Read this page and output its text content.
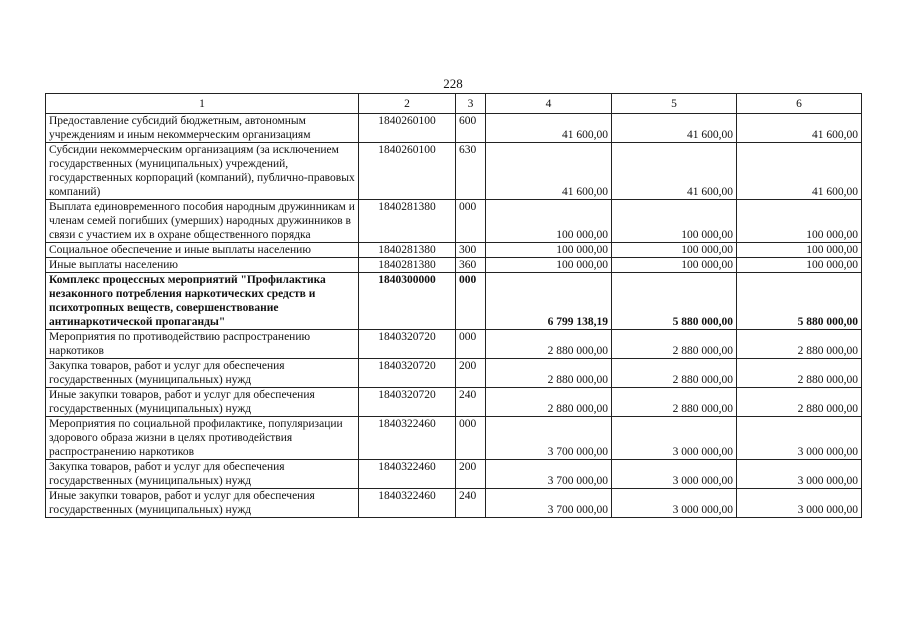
228
1	2	3	4	5	6
Предоставление субсидий бюджетным, автономным учреждениям и иным некоммерческим организациям	1840260100	600	41 600,00	41 600,00	41 600,00
Субсидии некоммерческим организациям (за исключением государственных (муниципальных) учреждений, государственных корпораций (компаний), публично-правовых компаний)	1840260100	630	41 600,00	41 600,00	41 600,00
Выплата единовременного пособия народным дружинникам и членам семей погибших (умерших) народных дружинников в связи с участием их в охране общественного порядка	1840281380	000	100 000,00	100 000,00	100 000,00
Социальное обеспечение и иные выплаты населению	1840281380	300	100 000,00	100 000,00	100 000,00
Иные выплаты населению	1840281380	360	100 000,00	100 000,00	100 000,00
Комплекс процессных мероприятий "Профилактика незаконного потребления наркотических средств и психотропных веществ, совершенствование антинаркотической пропаганды"	1840300000	000	6 799 138,19	5 880 000,00	5 880 000,00
Мероприятия по противодействию распространению наркотиков	1840320720	000	2 880 000,00	2 880 000,00	2 880 000,00
Закупка товаров, работ и услуг для обеспечения государственных (муниципальных) нужд	1840320720	200	2 880 000,00	2 880 000,00	2 880 000,00
Иные закупки товаров, работ и услуг для обеспечения государственных (муниципальных) нужд	1840320720	240	2 880 000,00	2 880 000,00	2 880 000,00
Мероприятия по социальной профилактике, популяризации здорового образа жизни в целях противодействия распространению наркотиков	1840322460	000	3 700 000,00	3 000 000,00	3 000 000,00
Закупка товаров, работ и услуг для обеспечения государственных (муниципальных) нужд	1840322460	200	3 700 000,00	3 000 000,00	3 000 000,00
Иные закупки товаров, работ и услуг для обеспечения государственных (муниципальных) нужд	1840322460	240	3 700 000,00	3 000 000,00	3 000 000,00
